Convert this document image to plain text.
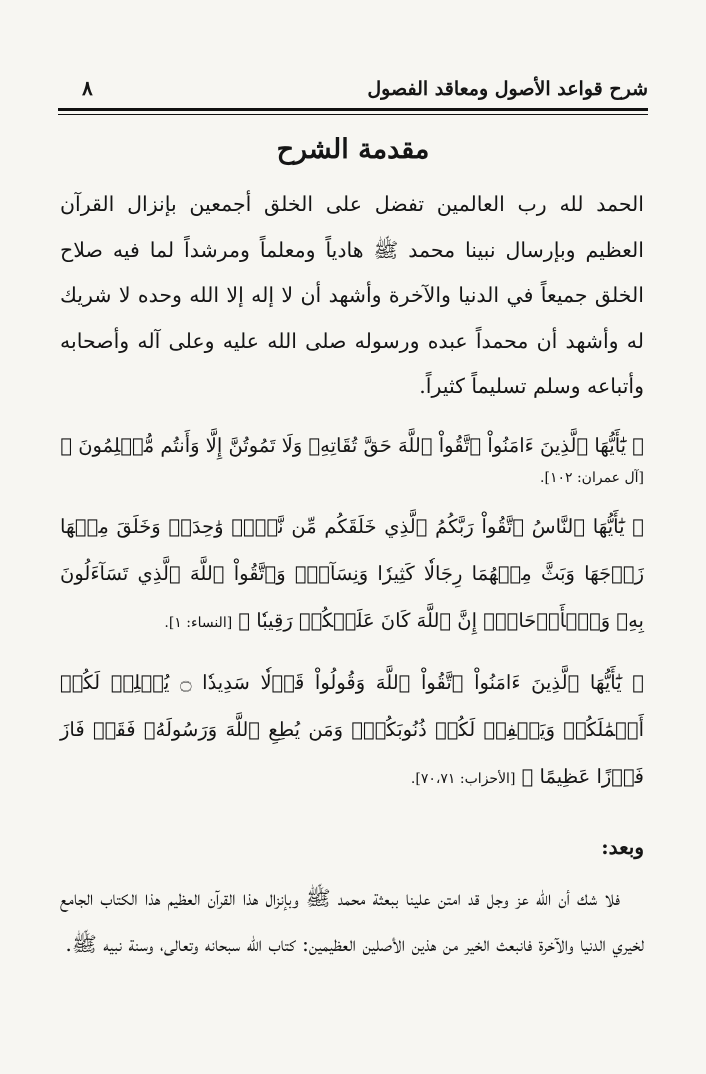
شرح قواعد الأصول ومعاقد الفصول
٨
مقدمة الشرح

الحمد لله رب العالمين تفضل على الخلق أجمعين بإنزال القرآن العظيم وبإرسال نبينا محمد ﷺ هادياً ومعلماً ومرشداً لما فيه صلاح الخلق جميعاً في الدنيا والآخرة وأشهد أن لا إله إلا الله وحده لا شريك له وأشهد أن محمداً عبده ورسوله صلى الله عليه وعلى آله وأصحابه وأتباعه وسلم تسليماً كثيراً.

﴿ يَٰٓأَيُّهَا ٱلَّذِينَ ءَامَنُواْ ٱتَّقُواْ ٱللَّهَ حَقَّ تُقَاتِهِۦ وَلَا تَمُوتُنَّ إِلَّا وَأَنتُم مُّسۡلِمُونَ ﴾
[آل عمران: ١٠٢].

﴿ يَٰٓأَيُّهَا ٱلنَّاسُ ٱتَّقُواْ رَبَّكُمُ ٱلَّذِي خَلَقَكُم مِّن نَّفۡسٖ وَٰحِدَةٖ وَخَلَقَ مِنۡهَا زَوۡجَهَا وَبَثَّ مِنۡهُمَا رِجَالٗا كَثِيرٗا وَنِسَآءٗۚ وَٱتَّقُواْ ٱللَّهَ ٱلَّذِي تَسَآءَلُونَ بِهِۦ وَٱلۡأَرۡحَامَۚ إِنَّ ٱللَّهَ كَانَ عَلَيۡكُمۡ رَقِيبٗا ﴾ [النساء: ١].

﴿ يَٰٓأَيُّهَا ٱلَّذِينَ ءَامَنُواْ ٱتَّقُواْ ٱللَّهَ وَقُولُواْ قَوۡلٗا سَدِيدٗا ۝ يُصۡلِحۡ لَكُمۡ أَعۡمَٰلَكُمۡ وَيَغۡفِرۡ لَكُمۡ ذُنُوبَكُمۡۗ وَمَن يُطِعِ ٱللَّهَ وَرَسُولَهُۥ فَقَدۡ فَازَ فَوۡزًا عَظِيمًا ﴾ [الأحزاب: ٧٠،٧١].

وبعد:

فلا شك أن الله عز وجل قد امتن علينا ببعثة محمد ﷺ وبإنزال هذا القرآن العظيم هذا الكتاب الجامع لخيري الدنيا والآخرة فانبعث الخير من هذين الأصلين العظيمين: كتاب الله سبحانه وتعالى، وسنة نبيه ﷺ.
